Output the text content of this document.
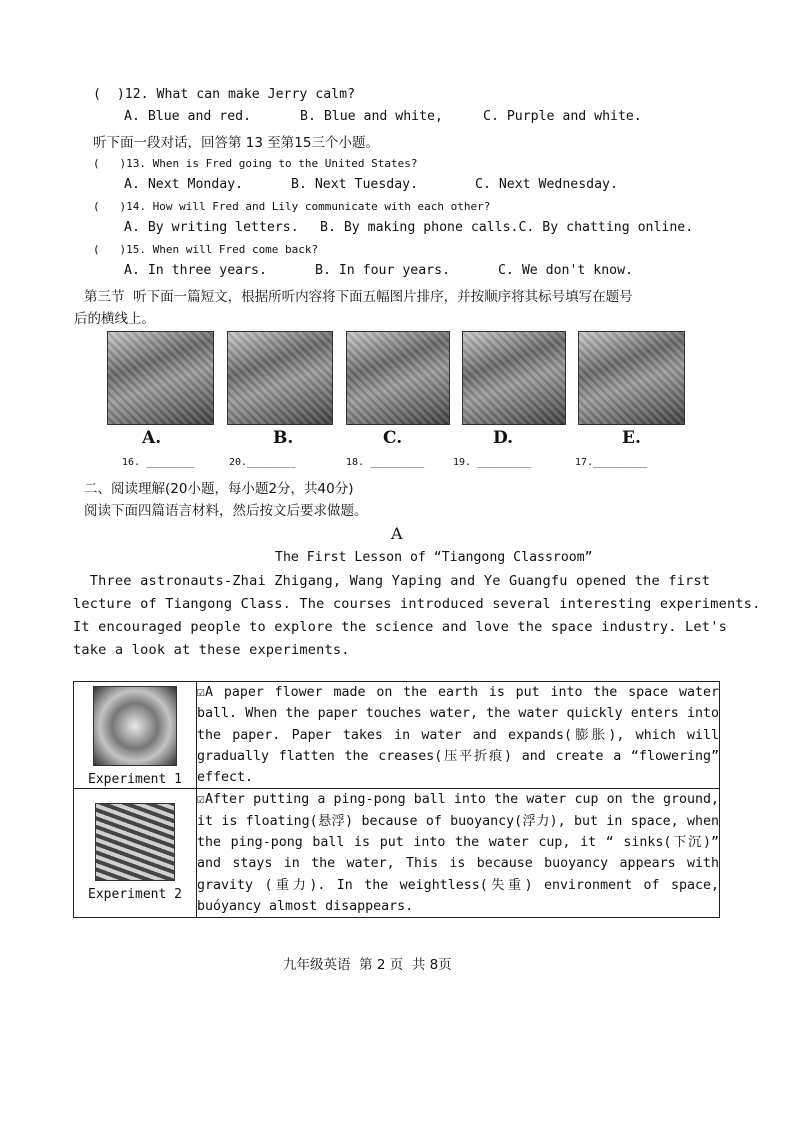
(  )12. What can make Jerry calm?
A. Blue and red.	B. Blue and white,	C. Purple and white.
听下面一段对话，回答第 13 至第15三个小题。
(   )13. When is Fred going to the United States?
A. Next Monday.	B. Next Tuesday.	C. Next Wednesday.
(   )14. How will Fred and Lily communicate with each other?
A. By writing letters. B. By making phone calls.C. By chatting online.
(   )15. When will Fred come back?
A. In three years.	B. In four years.	C. We don't know.
第三节  听下面一篇短文，根据所听内容将下面五幅图片排序，并按顺序将其标号填写在题号
后的横线上。
A.	B.	C.	D.	E.
16. ________	20.________	18. _________	19. _________	17._________
二、阅读理解(20小题，每小题2分，共40分)
阅读下面四篇语言材料，然后按文后要求做题。
A
The First Lesson of “Tiangong Classroom”
Three astronauts-Zhai Zhigang, Wang Yaping and Ye Guangfu opened the first
lecture of Tiangong Class. The courses introduced several interesting experiments.
It encouraged people to explore the science and love the space industry. Let's
take a look at these experiments.
Experiment 1	☑A paper flower made on the earth is put into the space water ball. When the paper touches water, the water quickly enters into the paper. Paper takes in water and expands(膨胀), which will gradually flatten the creases(压平折痕) and create a “flowering” effect.

Experiment 2	☑After putting a ping-pong ball into the water cup on the ground, it is floating(悬浮) because of buoyancy(浮力), but in space, when the ping-pong ball is put into the water cup, it “ sinks(下沉)” and stays in the water, This is because buoyancy appears with gravity (重力). In the weightless(失重) environment of space, buóyancy almost disappears.
九年级英语  第 2 页  共 8页
